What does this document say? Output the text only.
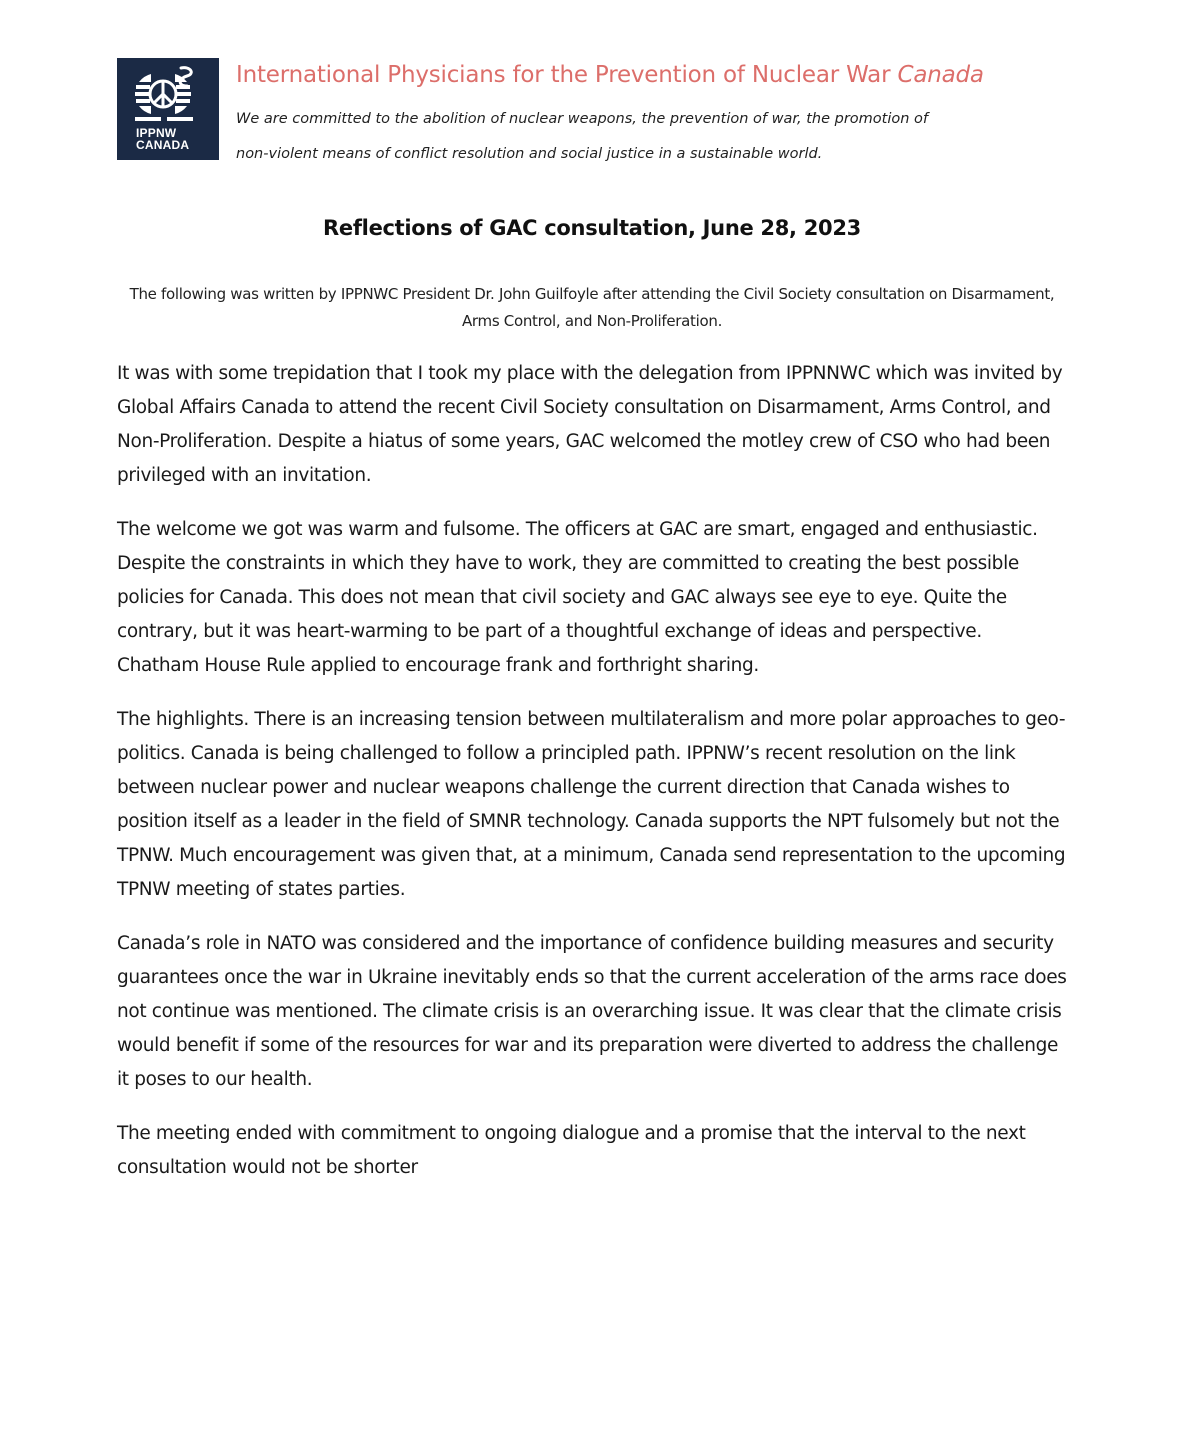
IPPNW
CANADA
International Physicians for the Prevention of Nuclear War Canada
We are committed to the abolition of nuclear weapons, the prevention of war, the promotion of
non-violent means of conflict resolution and social justice in a sustainable world.
Reflections of GAC consultation, June 28, 2023
The following was written by IPPNWC President Dr. John Guilfoyle after attending the Civil Society consultation on Disarmament, Arms Control, and Non-Proliferation.

It was with some trepidation that I took my place with the delegation from IPPNNWC which was invited by Global Affairs Canada to attend the recent Civil Society consultation on Disarmament, Arms Control, and Non-Proliferation. Despite a hiatus of some years, GAC welcomed the motley crew of CSO who had been privileged with an invitation.

The welcome we got was warm and fulsome. The officers at GAC are smart, engaged and enthusiastic. Despite the constraints in which they have to work, they are committed to creating the best possible policies for Canada. This does not mean that civil society and GAC always see eye to eye. Quite the contrary, but it was heart-warming to be part of a thoughtful exchange of ideas and perspective. Chatham House Rule applied to encourage frank and forthright sharing.

The highlights. There is an increasing tension between multilateralism and more polar approaches to geo-politics. Canada is being challenged to follow a principled path. IPPNW’s recent resolution on the link between nuclear power and nuclear weapons challenge the current direction that Canada wishes to position itself as a leader in the field of SMNR technology. Canada supports the NPT fulsomely but not the TPNW. Much encouragement was given that, at a minimum, Canada send representation to the upcoming TPNW meeting of states parties.

Canada’s role in NATO was considered and the importance of confidence building measures and security guarantees once the war in Ukraine inevitably ends so that the current acceleration of the arms race does not continue was mentioned. The climate crisis is an overarching issue. It was clear that the climate crisis would benefit if some of the resources for war and its preparation were diverted to address the challenge it poses to our health.

The meeting ended with commitment to ongoing dialogue and a promise that the interval to the next consultation would not be shorter
